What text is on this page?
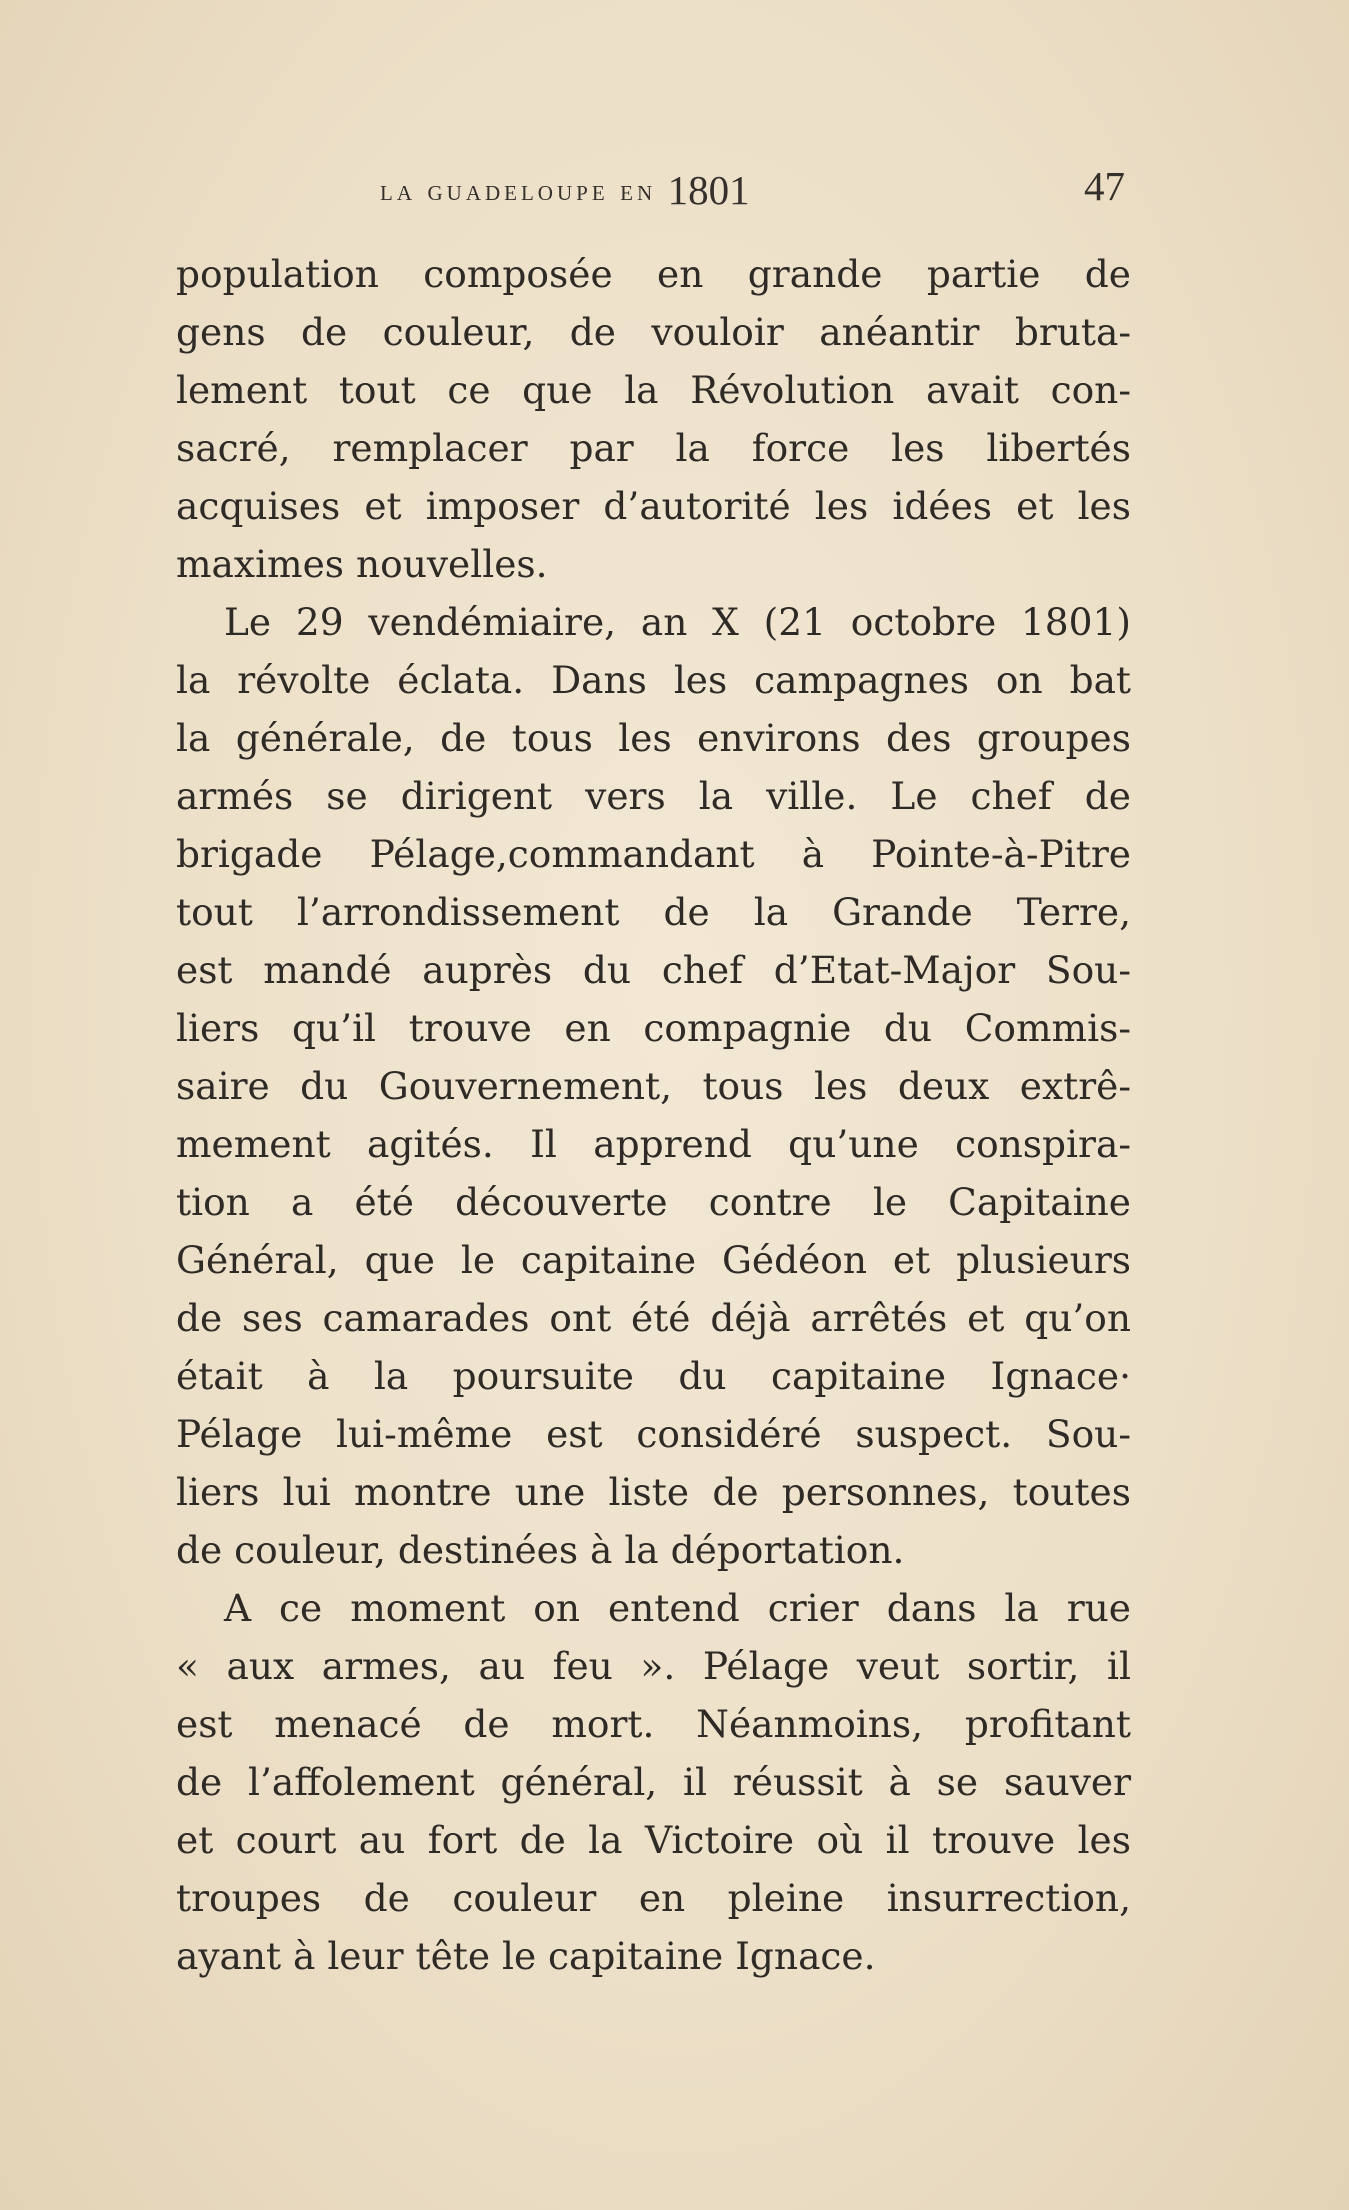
la guadeloupe en 1801	47
population composée en grande partie de
gens de couleur, de vouloir anéantir bruta-
lement tout ce que la Révolution avait con-
sacré, remplacer par la force les libertés
acquises et imposer d’autorité les idées et les
maximes nouvelles.
Le 29 vendémiaire, an X (21 octobre 1801)
la révolte éclata. Dans les campagnes on bat
la générale, de tous les environs des groupes
armés se dirigent vers la ville. Le chef de
brigade Pélage,commandant à Pointe-à-Pitre
tout l’arrondissement de la Grande Terre,
est mandé auprès du chef d’Etat-Major Sou-
liers qu’il trouve en compagnie du Commis-
saire du Gouvernement, tous les deux extrê-
mement agités. Il apprend qu’une conspira-
tion a été découverte contre le Capitaine
Général, que le capitaine Gédéon et plusieurs
de ses camarades ont été déjà arrêtés et qu’on
était à la poursuite du capitaine Ignace·
Pélage lui-même est considéré suspect. Sou-
liers lui montre une liste de personnes, toutes
de couleur, destinées à la déportation.
A ce moment on entend crier dans la rue
« aux armes, au feu ». Pélage veut sortir, il
est menacé de mort. Néanmoins, profitant
de l’affolement général, il réussit à se sauver
et court au fort de la Victoire où il trouve les
troupes de couleur en pleine insurrection,
ayant à leur tête le capitaine Ignace.
